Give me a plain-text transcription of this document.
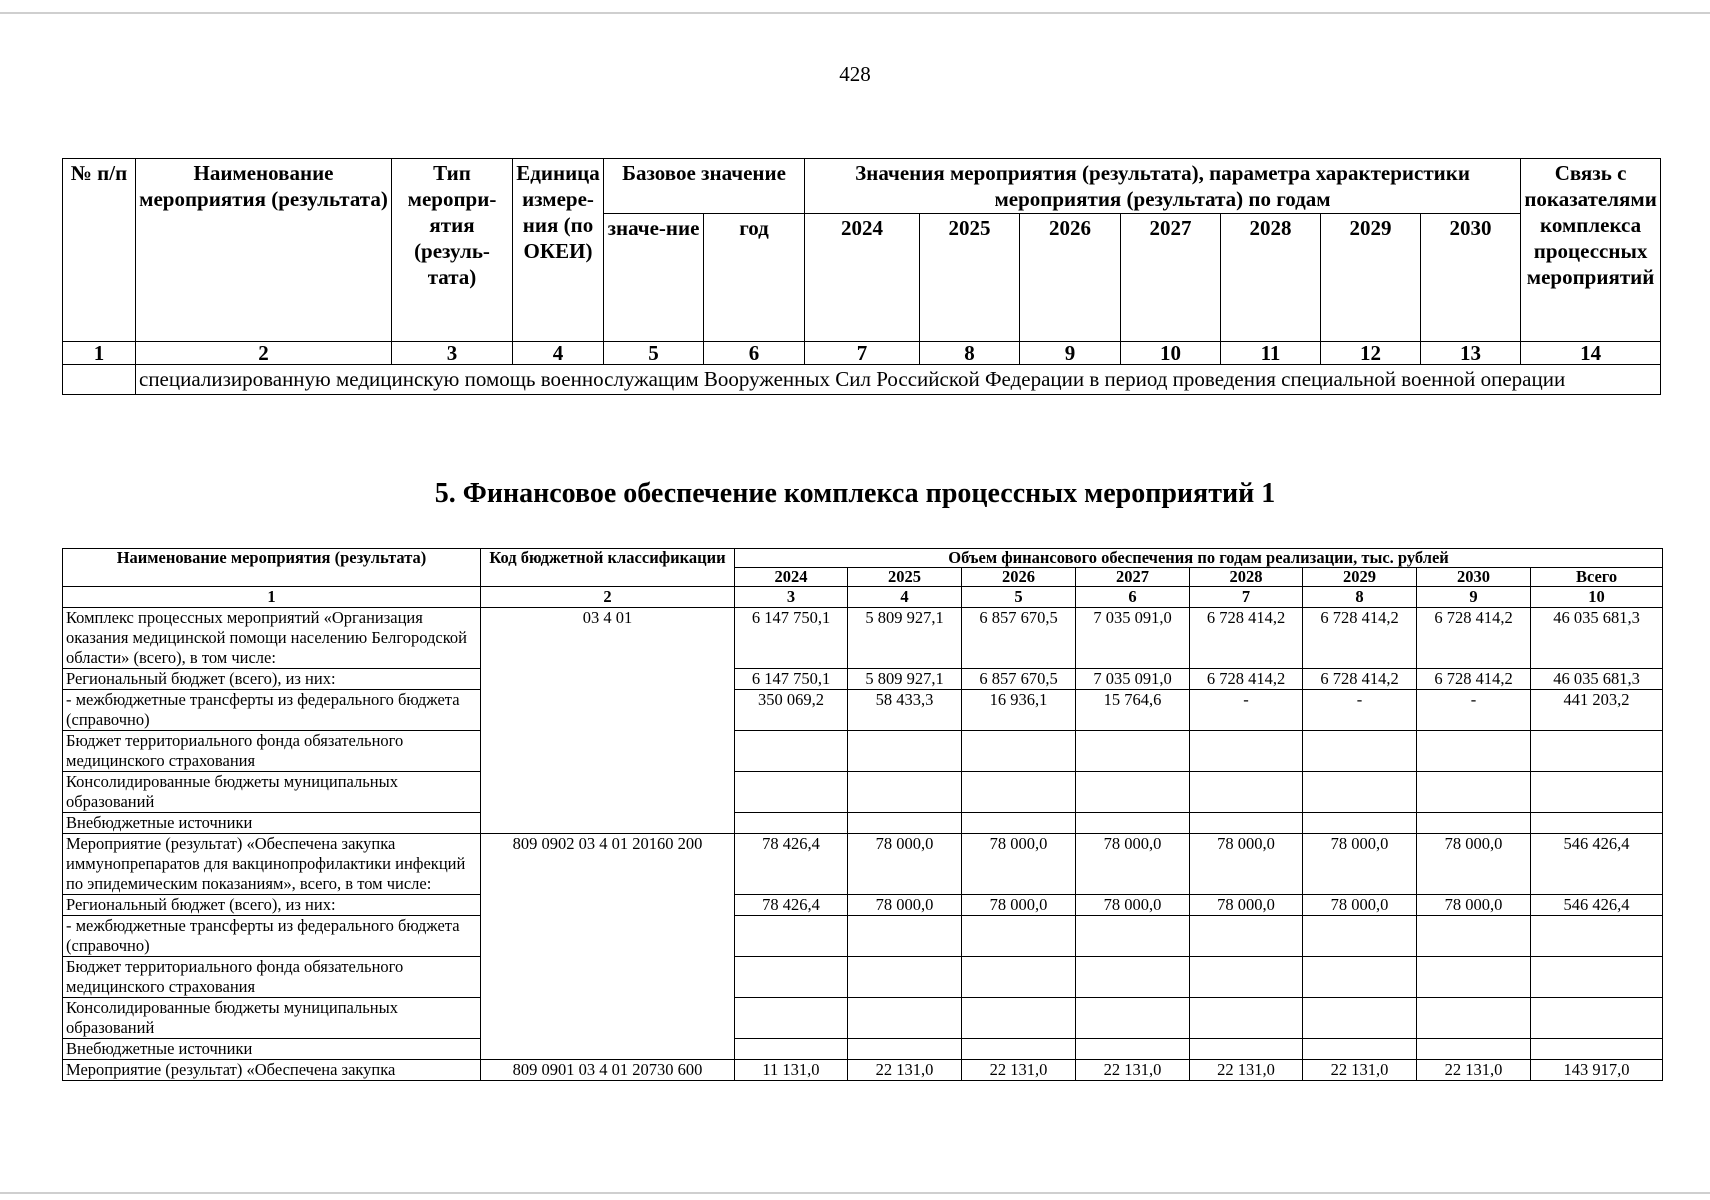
428
№ п/п	Наименование мероприятия (результата)	Тип меропри-ятия (резуль-тата)	Единица измере-ния (по ОКЕИ)	Базовое значение		Значения мероприятия (результата), параметра характеристики мероприятия (результата) по годам							Связь с показателями комплекса процессных мероприятий
				значе-ние	год	2024	2025	2026	2027	2028	2029	2030	
1	2	3	4	5	6	7	8	9	10	11	12	13	14
	специализированную медицинскую помощь военнослужащим Вооруженных Сил Российской Федерации в период проведения специальной военной операции												
5. Финансовое обеспечение комплекса процессных мероприятий 1
Наименование мероприятия (результата)	Код бюджетной классификации	Объем финансового обеспечения по годам реализации, тыс. рублей							
		2024	2025	2026	2027	2028	2029	2030	Всего
1	2	3	4	5	6	7	8	9	10
Комплекс процессных мероприятий «Организация оказания медицинской помощи населению Белгородской области» (всего), в том числе:	03 4 01	6 147 750,1	5 809 927,1	6 857 670,5	7 035 091,0	6 728 414,2	6 728 414,2	6 728 414,2	46 035 681,3
Региональный бюджет (всего), из них:		6 147 750,1	5 809 927,1	6 857 670,5	7 035 091,0	6 728 414,2	6 728 414,2	6 728 414,2	46 035 681,3
- межбюджетные трансферты из федерального бюджета (справочно)		350 069,2	58 433,3	16 936,1	15 764,6	-	-	-	441 203,2
Бюджет территориального фонда обязательного медицинского страхования									
Консолидированные бюджеты муниципальных образований									
Внебюджетные источники									
Мероприятие (результат) «Обеспечена закупка иммунопрепаратов для вакцинопрофилактики инфекций по эпидемическим показаниям», всего, в том числе:	809 0902 03 4 01 20160 200	78 426,4	78 000,0	78 000,0	78 000,0	78 000,0	78 000,0	78 000,0	546 426,4
Региональный бюджет (всего), из них:		78 426,4	78 000,0	78 000,0	78 000,0	78 000,0	78 000,0	78 000,0	546 426,4
- межбюджетные трансферты из федерального бюджета (справочно)									
Бюджет территориального фонда обязательного медицинского страхования									
Консолидированные бюджеты муниципальных образований									
Внебюджетные источники									
Мероприятие (результат) «Обеспечена закупка	809 0901 03 4 01 20730 600	11 131,0	22 131,0	22 131,0	22 131,0	22 131,0	22 131,0	22 131,0	143 917,0
